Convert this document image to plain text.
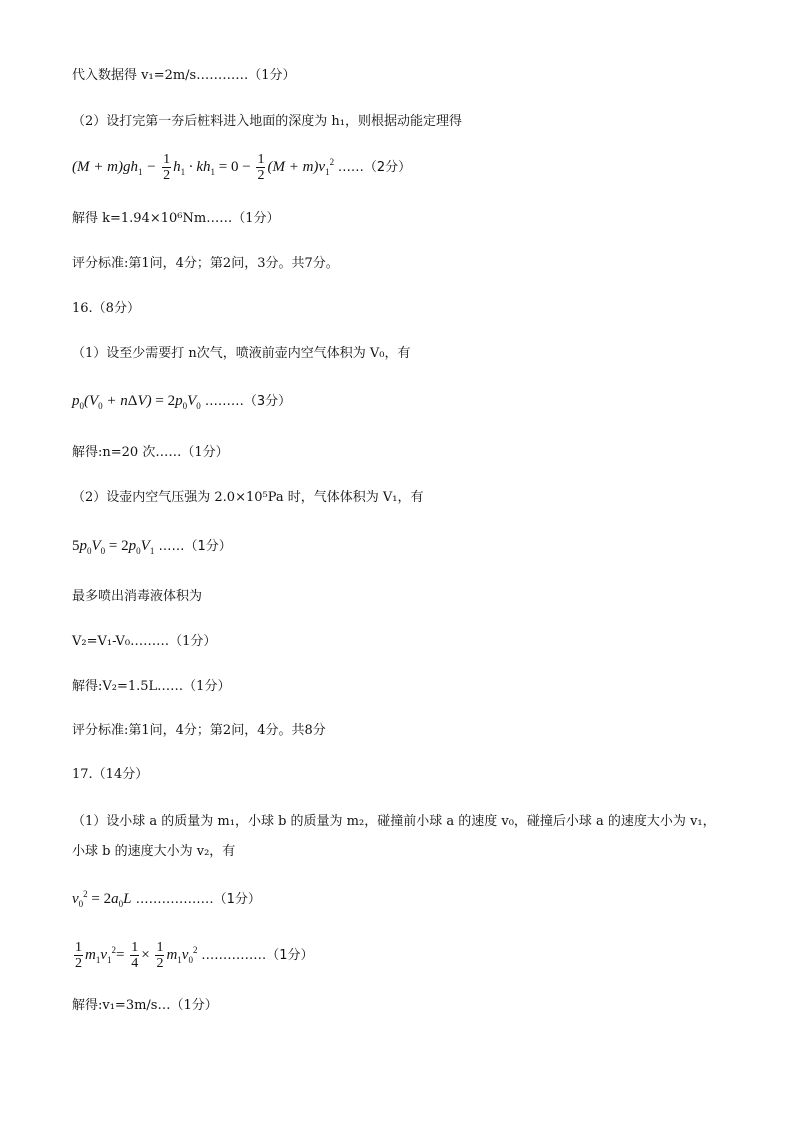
代入数据得 v₁=2m/s…………（1分）
（2）设打完第一夯后桩料进入地面的深度为 h₁，则根据动能定理得
$(M + m)gh_1 - \frac{1}{2} h_1 \cdot kh_1 = 0 - \frac{1}{2} (M + m)v_1^2$ ……（2分）
解得 k=1.94×10⁶Nm……（1分）
评分标准:第1问，4分；第2问，3分。共7分。
16.（8分）
（1）设至少需要打 n次气，喷液前壶内空气体积为 V₀，有
$p_0(V_0 + n\Delta V) = 2p_0V_0$ ………（3分）
解得:n=20 次……（1分）
（2）设壶内空气压强为 2.0×10⁵Pa 时，气体体积为 V₁，有
$5p_0V_0 = 2p_0V_1$ ……（1分）
最多喷出消毒液体积为
V₂=V₁-V₀………（1分）
解得:V₂=1.5L……（1分）
评分标准:第1问，4分；第2问，4分。共8分
17.（14分）
（1）设小球 a 的质量为 m₁，小球 b 的质量为 m₂，碰撞前小球 a 的速度 v₀，碰撞后小球 a 的速度大小为 v₁，
小球 b 的速度大小为 v₂，有
$v_0^2 = 2a_0L$ ………………（1分）
$\frac{1}{2} m_1v_1^2= \frac{1}{4} \times \frac{1}{2} m_1v_0^2$ ……………（1分）
解得:v₁=3m/s…（1分）
